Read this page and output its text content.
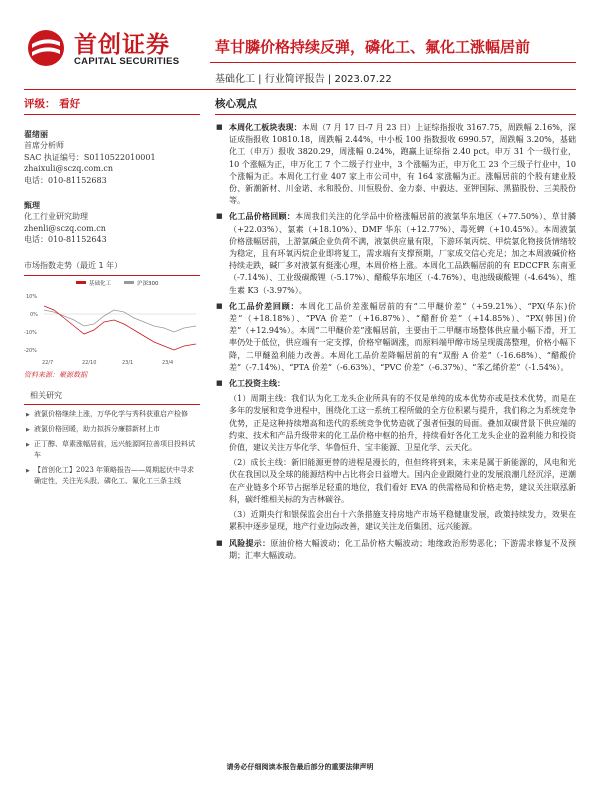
首创证券
CAPITAL SECURITIES
草甘膦价格持续反弹，磷化工、氟化工涨幅居前
基础化工 | 行业简评报告 | 2023.07.22
评级： 看好
翟绪丽
首席分析师
SAC 执证编号：S0110522010001
zhaixuli@sczq.com.cn
电话：010-81152683
甄理
化工行业研究助理
zhenli@sczq.com.cn
电话：010-81152643
市场指数走势（最近 1 年）
基础化工	沪深300
10%
0%
-10%
-20%
22/7	22/10	23/1	23/4
资料来源：聚源数据
相关研究
▶ 液氯价格继续上涨，万华化学与秀科获重启产检修
▶ 液氯价格回暖，助力拟拆分廉群新材上市
▶ 正丁醇、草素涨幅居前，远兴能源阿拉善项目投料试车
▶ 【首创化工】2023 年策略报告——周期起伏中寻求确定性，关注光头股、磷化工、氟化工三条主线
核心观点
■ 本周化工板块表现：本周（7 月 17 日-7 月 23 日）上证综指报收 3167.75，周跌幅 2.16%，深证成指报收 10810.18，周跌幅 2.44%，中小板 100 指数报收 6990.57，周跌幅 3.20%，基础化工（申万）报收 3820.29，周涨幅 0.24%，跑赢上证综指 2.40 pct。申万 31 个一级行业，10 个涨幅为正，申万化工 7 个二级子行业中，3 个涨幅为正，申万化工 23 个三级子行业中，10 个涨幅为正。本周化工行业 407 家上市公司中，有 164 家涨幅为正。涨幅居前的个股有建业股份、新潮新材、川金诺、永和股份、川恒股份、金力泰、中毅达、亚钾国际、黑猫股份、三美股份等。
■ 化工品价格回顾：本周我们关注的化学品中价格涨幅居前的液氯华东地区（+77.50%）、草甘膦（+22.03%）、氯素（+18.10%）、DMF 华东（+12.77%）、毒死蜱（+10.45%）。本周液氯价格涨幅居前，上游氯碱企业负荷不满，液氯供应量有限，下游环氧丙烷、甲烷氯化物接货情绪较为稳定，且有环氧丙烷企业即将复工，需求端有支撑预期，厂家成交信心充足；加之本周液碱价格持续走跌，碱厂多对液氯有挺涨心理，本周价格上涨。本周化工品跌幅居前的有 EDCCFR 东南亚（-7.14%）、工业级碳酸锂（-5.17%）、醋酸华东地区（-4.76%）、电池级碳酸锂（-4.64%）、维生素 K3（-3.97%）。
■ 化工品价差回顾：本周化工品价差涨幅居前的有“二甲醚价差”（+59.21%）、“PX(华东)价差”（+18.18%）、“PVA 价差”（+16.87%）、“醋酐价差”（+14.85%）、“PX(韩国)价差”（+12.94%）。本周“二甲醚价差”涨幅居前，主要由于二甲醚市场整体供应量小幅下滑，开工率仍处于低位，供应端有一定支撑，价格窄幅调涨，而原料端甲醇市场呈现震荡整理，价格小幅下降，二甲醚盈利能力改善。本周化工品价差降幅居前的有“双酚 A 价差”（-16.68%）、“醋酸价差”（-7.14%）、“PTA 价差”（-6.63%）、“PVC 价差”（-6.37%）、“苯乙烯价差”（-1.54%）。
■ 化工投资主线：
（1）周期主线：我们认为化工龙头企业所具有的不仅是单纯的成本优势亦或是技术优势，而是在多年的发展和竞争进程中，围绕化工这一系统工程所做的全方位积累与提升，我们称之为系统竞争优势，正是这种持续增高和迭代的系统竞争优势造就了强者恒强的局面。叠加双碳背景下供应端的约束、技术和产品升级带来的化工品价格中枢的抬升，持续看好各化工龙头企业的盈利能力和投资价值，建议关注万华化学、华鲁恒升、宝丰能源、卫星化学、云天化。
（2）成长主线：新旧能源更替的进程是漫长的，但但终将到来，未来是属于新能源的，风电和光伏在我国以及全球的能源结构中占比将会日益增大。国内企业跟随行业的发展浪潮几经沉浮，逆潮在产业链多个环节占据举足轻重的地位，我们看好 EVA 的供需格局和价格走势，建议关注联泓新科，碳纤维相关标的为吉林碳谷。
（3）近期央行和银保监会出台十六条措施支持房地产市场平稳健康发展，政策持续发力，效果在累积中逐步显现，地产行业边际改善，建议关注龙佰集团、远兴能源。
■ 风险提示：原油价格大幅波动；化工品价格大幅波动；地缘政治形势恶化；下游需求修复不及预期；汇率大幅波动。
请务必仔细阅读本报告最后部分的重要法律声明
